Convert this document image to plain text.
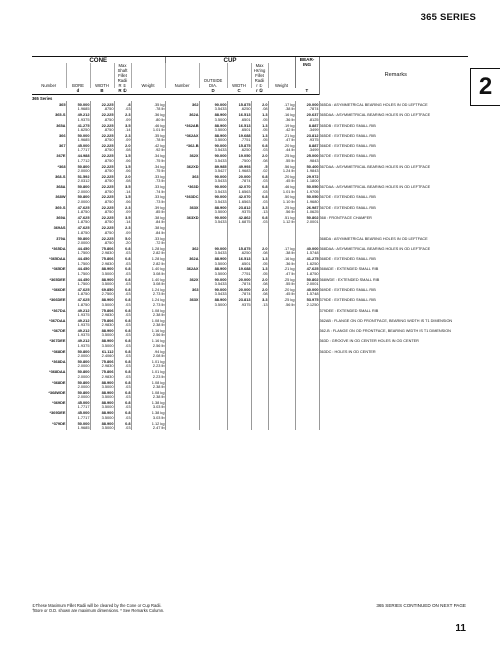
365 SERIES
2
CONE					CUP					BEAR- ING	Remarks
Number	BORE	WIDTH	Max
Shaft
Fillet
Radii
R ①	Weight	Number	OUTSIDE
DIA.	WIDTH	Max
Hs'ing
Fillet
Radii
r ①	Weight		
	d	B	R ①			D	C	r ①		T	
365 Series											
365	50.000	22.225	.8	.35 kg	362	90.000	15.875	2.0	.17 kg	20.000	365DA : ASYMMETRICAL BEARING HOLES IN OD LEFTFACE
	1.9685	.8750	.03	.78 lb		3.5433	.6250	.08	.38 lb	.7874	
365-S	49.212	22.225	2.3	.36 kg	362A	88.900	16.513	1.3	.16 kg	20.637	365DAA : ASYMMETRICAL BEARING HOLES IN OD LEFTFACE
	1.9375	.8750	.09	.80 lb		3.5000	.6501	.05	.36 lb	.8125	
365A	41.275	22.225	3.5	.46 kg	*362AB	88.900	16.513	1.3	.19 kg	8.887	365DB : EXTENDED SMALL RIB
	1.6250	.8750	.14	1.01 lb		3.5000	.6501	.05	.42 lb	.3499	
366	50.000	22.225	2.3	.35 kg	*362AX	88.900	19.688	1.3	.21 kg	23.812	365DE : EXTENDED SMALL RIB
	1.9685	.8750	.09	.78 lb		3.5000	.7751	.05	.47 lb	.9375	
367	45.000	22.225	2.0	.42 kg	*362-B	90.000	15.875	0.8	.20 kg	8.887	366DE : EXTENDED SMALL RIB
	1.7717	.8750	.08	.92 lb		3.5433	.6250	.03	.44 lb	.3499	
367E	44.988	22.225	1.5	.34 kg	362X	90.000	19.050	2.0	.25 kg	25.000	367DE : EXTENDED SMALL RIB
	1.7712	.8750	.06	.75 lb		3.5433	.7500	.08	.55 lb	.9843	
*368	50.800	22.225	1.5	.34 kg	362XD	89.985	49.993	.5	.56 kg	50.400	367DAA : ASYMMETRICAL BEARING HOLES IN OD LEFTFACE
	2.0000	.8750	.06	.75 lb		3.5427	1.9683	.02	1.24 lb	1.9843	
368-S	51.592	22.225	2.0	.33 kg	363	90.000	20.000	0.8	.20 kg	29.972	
	2.0312	.8750	.08	.73 lb		3.5433	.7874	.03	.45 lb	1.1800	
368A	50.800	22.225	3.5	.33 kg	*363D	90.000	42.070	0.8	.46 kg	50.050	367DAA : ASYMMETRICAL BEARING HOLES IN OD LEFTFACE
	2.0000	.8750	.14	.74 lb		3.5433	1.6563	.03	1.01 lb	1.9705	
368W	50.800	22.225	1.5	.33 kg	*363DC	90.000	42.070	0.8	.50 kg	50.050	367DE : EXTENDED SMALL RIB
	2.0000	.8750	.06	.73 lb		3.5433	1.6563	.03	1.10 lb	1.9680	
369-S	47.625	22.225	2.3	.39 kg	363X	88.900	23.812	3.3	.25 kg	26.987	367DE : EXTENDED SMALL RIB
	1.8750	.8750	.09	.85 lb		3.5000	.9375	.13	.56 lb	1.0625	
369A	47.625	22.225	3.5	.38 kg	363XD	90.000	42.862	0.8	.51 kg	50.802	368 : FRONTFACE CHAMFER
	1.8750	.8750	.14	.84 lb		3.5433	1.6875	.03	1.12 lb	2.0001	
369AS	47.625	22.225	2.3	.38 kg							
	1.8750	.8750	.09	.84 lb							
379A	50.800	22.225	5.0	.33 kg							368DA : ASYMMETRICAL BEARING HOLES IN OD LEFTFACE
	2.0000	.8750	.20	.72 lb							
*365DA	44.450	75.806	0.8	1.28 kg	362	90.000	15.875	2.0	.17 kg	40.000	368DAA : ASYMMETRICAL BEARING HOLES IN OD LEFTFACE
	1.7500	2.9830	.03	2.82 lb		3.5433	.6250	.08	.38 lb	1.5748	
*365DAA	44.450	75.806	0.8	1.28 kg	362A	88.900	16.513	1.3	.16 kg	41.275	368DE : EXTENDED SMALL RIB
	1.7500	2.9830	.03	2.82 lb		3.5000	.6501	.05	.36 lb	1.6250	
*365DE	44.450	88.900	0.8	1.40 kg	362AX	88.900	19.688	1.3	.21 kg	47.625	368ADE : EXTENDED SMALL RIB
	1.7500	3.5000	.03	3.08 lb		3.5000	.7751	.05	.47 lb	1.8750	
*365DEE	44.450	88.900	0.8	1.40 kg	362X	90.000	20.000	2.0	.25 kg	50.802	368WDE : EXTENDED SMALL RIB
	1.7500	3.5000	.03	3.08 lb		3.5433	.7874	.08	.55 lb	2.0001	
*366DE	47.625	69.850	0.8	1.24 kg	363	90.000	20.000	2.0	.20 kg	40.000	369DE : EXTENDED SMALL RIB
	1.8750	2.7500	.03	2.73 lb		3.5433	.7874	.08	.45 lb	1.5748	
*366DEE	47.625	88.900	0.8	1.24 kg	363X	88.900	23.813	3.3	.25 kg	53.975	379DE : EXTENDED SMALL RIB
	1.8750	3.5000	.03	2.73 lb		3.5000	.9375	.13	.56 lb	2.1250	
*367DA	49.212	75.806	0.8	1.08 kg							379DEE : EXTENDED SMALL RIB
	1.9375	2.9830	.03	2.38 lb							
*367DAA	49.212	75.806	0.8	1.08 kg							362AB : FLANGE ON OD FRONTFACE, BEARING WIDTH IS T1 DIMENSION
	1.9375	2.9830	.03	2.38 lb							
*367DE	49.212	88.900	0.8	1.16 kg							362-B : FLANGE ON OD FRONTFACE, BEARING WIDTH IS T1 DIMENSION
	1.9375	3.5000	.03	2.56 lb							
*367DEE	49.212	88.900	0.8	1.16 kg							363D : GROOVE IN OD CENTER HOLES IN OD CENTER
	1.9375	3.5000	.03	2.56 lb							
*368DE	50.800	61.112	0.8	.94 kg							363DC : HOLES IN OD CENTER
	2.0000	2.4060	.03	2.08 lb							
*368DA	50.800	75.806	0.8	1.01 kg							
	2.0000	2.9830	.03	2.23 lb							
*368DAA	50.800	75.806	0.8	1.01 kg							
	2.0000	2.9830	.03	2.23 lb							
*368DE	50.800	88.900	0.8	1.08 kg							
	2.0000	3.5000	.03	2.38 lb							
*368WDE	50.800	88.900	0.8	1.08 kg							
	2.0000	3.5000	.03	2.38 lb							
*369DE	45.000	88.900	0.8	1.38 kg							
	1.7717	3.5000	.03	3.03 lb							
*369DEE	45.000	88.900	0.8	1.38 kg							
	1.7717	3.5000	.03	3.03 lb							
*379DE	50.000	88.900	0.8	1.12 kg							
	1.9685	3.5000	.03	2.47 lb							
①These Maximum Fillet Radii will be cleared by the Cone or Cup Radii.
†Bore or O.D. shown are maximum dimensions. * See Remarks Column.
365 SERIES CONTINUED ON NEXT PAGE
11
